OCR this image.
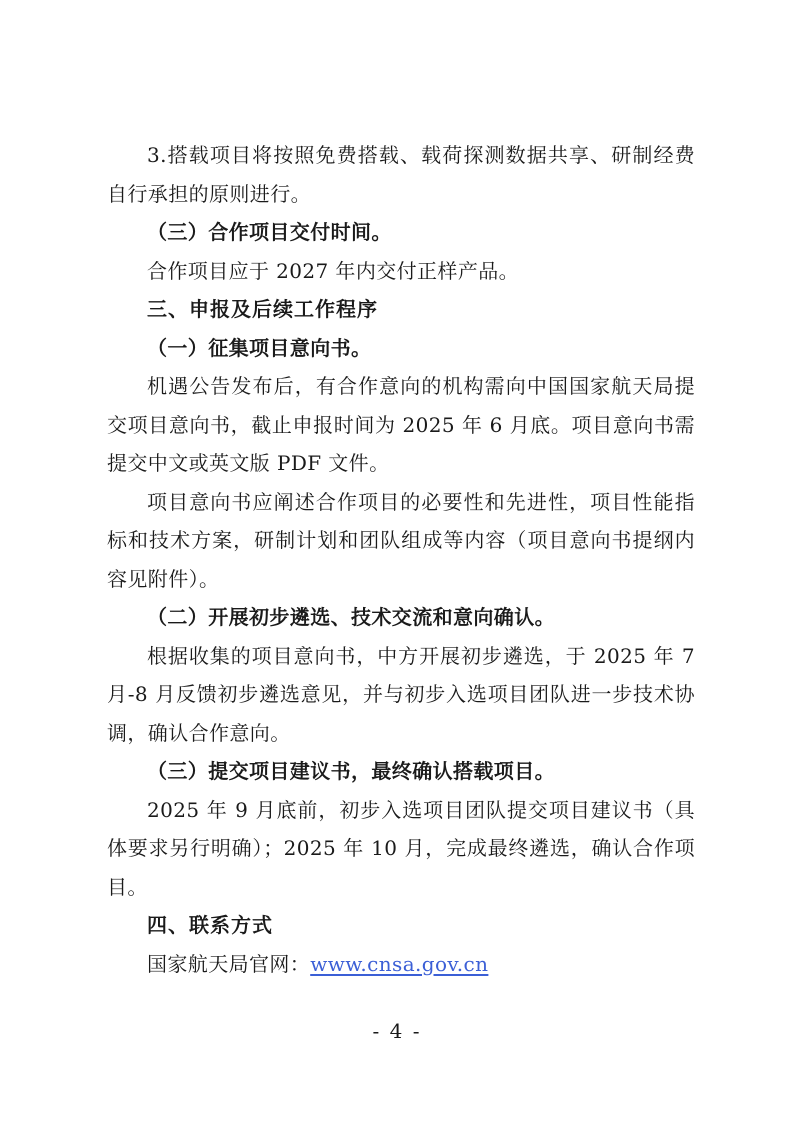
3.搭载项目将按照免费搭载、载荷探测数据共享、研制经费自行承担的原则进行。

（三）合作项目交付时间。

合作项目应于 2027 年内交付正样产品。

三、申报及后续工作程序

（一）征集项目意向书。

机遇公告发布后，有合作意向的机构需向中国国家航天局提交项目意向书，截止申报时间为 2025 年 6 月底。项目意向书需提交中文或英文版 PDF 文件。

项目意向书应阐述合作项目的必要性和先进性，项目性能指标和技术方案，研制计划和团队组成等内容（项目意向书提纲内容见附件）。

（二）开展初步遴选、技术交流和意向确认。

根据收集的项目意向书，中方开展初步遴选，于 2025 年 7 月-8 月反馈初步遴选意见，并与初步入选项目团队进一步技术协调，确认合作意向。

（三）提交项目建议书，最终确认搭载项目。

2025 年 9 月底前，初步入选项目团队提交项目建议书（具体要求另行明确）；2025 年 10 月，完成最终遴选，确认合作项目。

四、联系方式

国家航天局官网：www.cnsa.gov.cn

- 4 -
